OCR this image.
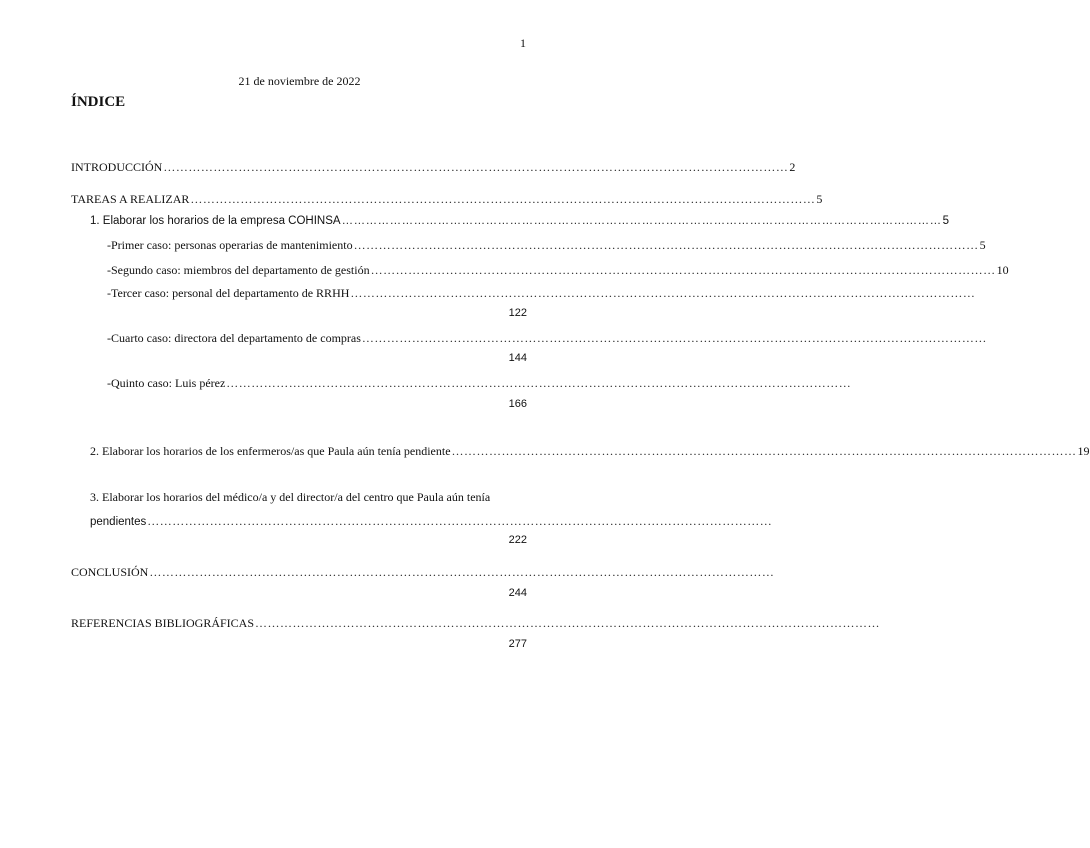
1
21 de noviembre de 2022
ÍNDICE
INTRODUCCIÓN …………………………………………………………………………………………………………………………………… 2
TAREAS A REALIZAR …………………………………………………………………………………………………………………………………… 5
1. Elaborar los horarios de la empresa COHINSA …………………………………………………………………………………………………………………………………… 5
-Primer caso: personas operarias de mantenimiento …………………………………………………………………………………………………………………………………… 5
-Segundo caso: miembros del departamento de gestión …………………………………………………………………………………………………………………………………… 10
-Tercer caso: personal del departamento de RRHH ……………………………………………………………………………………………………………………………………
122
-Cuarto caso: directora del departamento de compras ……………………………………………………………………………………………………………………………………
144
-Quinto caso: Luis pérez ……………………………………………………………………………………………………………………………………
166
2. Elaborar los horarios de los enfermeros/as que Paula aún tenía pendiente …………………………………………………………………………………………………………………………………… 19
3. Elaborar los horarios del médico/a y del director/a del centro que Paula aún tenía
pendientes ……………………………………………………………………………………………………………………………………
222
CONCLUSIÓN ……………………………………………………………………………………………………………………………………
244
REFERENCIAS BIBLIOGRÁFICAS ……………………………………………………………………………………………………………………………………
277
